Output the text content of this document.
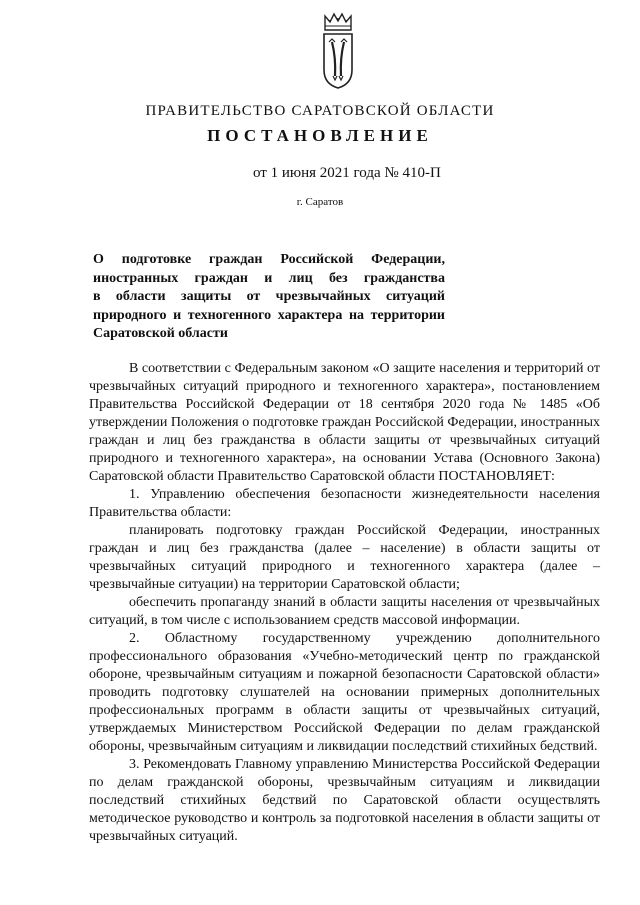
ПРАВИТЕЛЬСТВО САРАТОВСКОЙ ОБЛАСТИ
ПОСТАНОВЛЕНИЕ
от 1 июня 2021 года № 410-П
г. Саратов
О подготовке граждан Российской Федерации,
иностранных граждан и лиц без гражданства
в области защиты от чрезвычайных ситуаций
природного и техногенного характера на территории
Саратовской области

В соответствии с Федеральным законом «О защите населения и территорий от чрезвычайных ситуаций природного и техногенного характера», постановлением Правительства Российской Федерации от 18 сентября 2020 года № 1485 «Об утверждении Положения о подготовке граждан Российской Федерации, иностранных граждан и лиц без гражданства в области защиты от чрезвычайных ситуаций природного и техногенного характера», на основании Устава (Основного Закона) Саратовской области Правительство Саратовской области ПОСТАНОВЛЯЕТ:

1. Управлению обеспечения безопасности жизнедеятельности населения Правительства области:

планировать подготовку граждан Российской Федерации, иностранных граждан и лиц без гражданства (далее – население) в области защиты от чрезвычайных ситуаций природного и техногенного характера (далее – чрезвычайные ситуации) на территории Саратовской области;

обеспечить пропаганду знаний в области защиты населения от чрезвычайных ситуаций, в том числе с использованием средств массовой информации.

2. Областному государственному учреждению дополнительного профессионального образования «Учебно-методический центр по гражданской обороне, чрезвычайным ситуациям и пожарной безопасности Саратовской области» проводить подготовку слушателей на основании примерных дополнительных профессиональных программ в области защиты от чрезвычайных ситуаций, утверждаемых Министерством Российской Федерации по делам гражданской обороны, чрезвычайным ситуациям и ликвидации последствий стихийных бедствий.

3. Рекомендовать Главному управлению Министерства Российской Федерации по делам гражданской обороны, чрезвычайным ситуациям и ликвидации последствий стихийных бедствий по Саратовской области осуществлять методическое руководство и контроль за подготовкой населения в области защиты от чрезвычайных ситуаций.
